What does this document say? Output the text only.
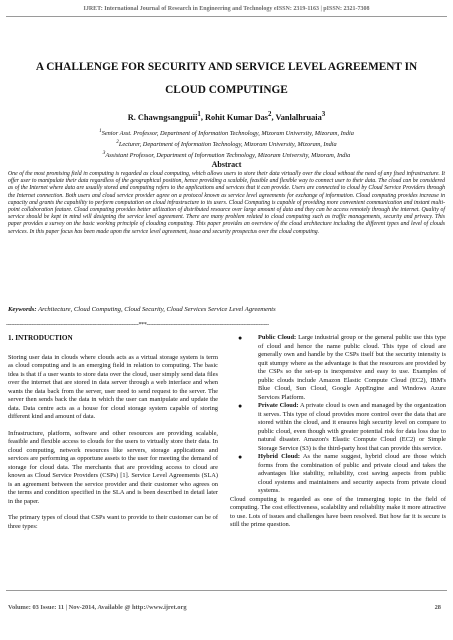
IJRET: International Journal of Research in Engineering and Technology eISSN: 2319-1163 | pISSN: 2321-7308
A CHALLENGE FOR SECURITY AND SERVICE LEVEL AGREEMENT IN CLOUD COMPUTINGE
R. Chawngsangpuii$^1$, Rohit Kumar Das$^2$, Vanlalhruaia$^3$
$^1$Senior Asst. Professor, Department of Information Technology, Mizoram University, Mizoram, India
$^2$Lecturer, Department of Information Technology, Mizoram University, Mizoram, India
$^3$Assistant Professor, Department of Information Technology, Mizoram University, Mizoram, India
Abstract
One of the most promising field in computing is regarded as cloud computing, which allows users to store their data virtually over the cloud without the need of any fixed infrastructure. It offer user to manipulate their data regardless of the geographical position, hence providing a scalable, feasible and flexible way to connect user to their data. The cloud can be considered as of the Internet where data are usually stored and computing refers to the applications and services that it can provide. Users are connected to cloud by Cloud Service Providers through the Internet connection. Both users and cloud service provider agree on a protocol known as service level agreements for exchange of information. Cloud computing provides increase in capacity and grants the capability to perform computation on cloud infrastructure to its users. Cloud Computing is capable of providing more convenient communication and instant multi-point collaboration feature. Cloud computing provides better utilization of distributed resource over large amount of data and they can be access remotely through the internet. Quality of service should be kept in mind will designing the service level agreement. There are many problem related to cloud computing such as traffic managements, security and privacy. This paper provides a survey on the basic working principle of clouding computing. This paper provides an overview of the cloud architecture including the different types and level of clouds services. In this paper focus has been made upon the service level agreement, issue and security prospectus over the cloud computing.
Keywords: Architecture, Cloud Computing, Cloud Security, Cloud Services Service Level Agreements
------------------------------------------------------------------------------***------------------------------------------------------------------------
1. INTRODUCTION

Storing user data in clouds where clouds acts as a virtual storage system is term as cloud computing and is an emerging field in relation to computing. The basic idea is that if a user wants to store data over the cloud, user simply send data files over the internet that are stored in data server through a web interface and when wants the data back from the server, user need to send request to the server. The server then sends back the data in which the user can manipulate and update the data. Data centre acts as a house for cloud storage system capable of storing different kind and amount of data.

Infrastructure, platform, software and other resources are providing scalable, feasible and flexible access to clouds for the users to virtually store their data. In cloud computing, network resources like servers, storage applications and services are performing as opportune assets to the user for meeting the demand of storage for cloud data. The merchants that are providing access to cloud are known as Cloud Service Providers (CSPs) [1]. Service Level Agreements (SLA) is an agreement between the service provider and their customer who agrees on the terms and condition specified in the SLA and is been described in detail later in the paper.

The primary types of cloud that CSPs want to provide to their customer can be of three types:

● Public Cloud: Large industrial group or the general public use this type of cloud and hence the name public cloud. This type of cloud are generally own and handle by the CSPs itself but the security intensity is quit stumpy where as the advantage is that the resources are provided by the CSPs so the set-up is inexpensive and easy to use. Examples of public clouds include Amazon Elastic Compute Cloud (EC2), IBM's Blue Cloud, Sun Cloud, Google AppEngine and Windows Azure Services Platform.
● Private Cloud: A private cloud is own and managed by the organization it serves. This type of cloud provides more control over the data that are stored within the cloud, and it ensures high security level on compare to public cloud, even though with greater potential risk for data loss due to natural disaster. Amazon's Elastic Compute Cloud (EC2) or Simple Storage Service (S3) is the third-party host that can provide this service.
● Hybrid Cloud: As the name suggest, hybrid cloud are those which forms from the combination of public and private cloud and takes the advantages like stability, reliability, cost saving aspects from public cloud systems and maintainers and security aspects from private cloud systems.

Cloud computing is regarded as one of the immerging topic in the field of computing. The cost effectiveness, scalability and reliability make it more attractive to use. Lots of issues and challenges have been resolved. But how far it is secure is still the prime question.

Volume: 03 Issue: 11 | Nov-2014, Available @ http://www.ijret.org	28
